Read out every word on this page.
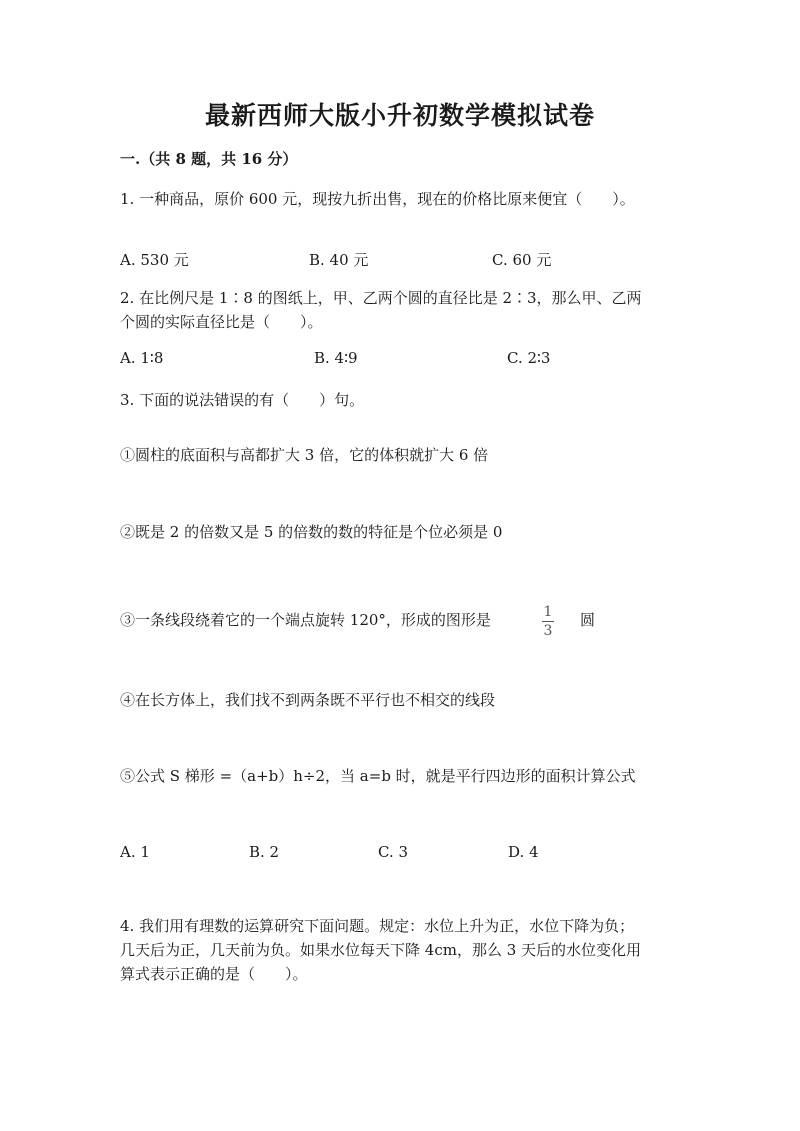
最新西师大版小升初数学模拟试卷
一.（共 8 题，共 16 分）
1. 一种商品，原价 600 元，现按九折出售，现在的价格比原来便宜（　　）。
A. 530 元	B. 40 元	C. 60 元
2. 在比例尺是 1∶8 的图纸上，甲、乙两个圆的直径比是 2∶3，那么甲、乙两
个圆的实际直径比是（　　）。
A. 1∶8	B. 4∶9	C. 2∶3
3. 下面的说法错误的有（　　）句。
①圆柱的底面积与高都扩大 3 倍，它的体积就扩大 6 倍
②既是 2 的倍数又是 5 的倍数的数的特征是个位必须是 0
③一条线段绕着它的一个端点旋转 120°，形成的图形是	$\frac{1}{3}$ 圆
④在长方体上，我们找不到两条既不平行也不相交的线段
⑤公式 S 梯形 =（a+b）h÷2，当 a=b 时，就是平行四边形的面积计算公式
A. 1	B. 2	C. 3	D. 4
4. 我们用有理数的运算研究下面问题。规定：水位上升为正，水位下降为负；
几天后为正，几天前为负。如果水位每天下降 4cm，那么 3 天后的水位变化用
算式表示正确的是（　　）。
